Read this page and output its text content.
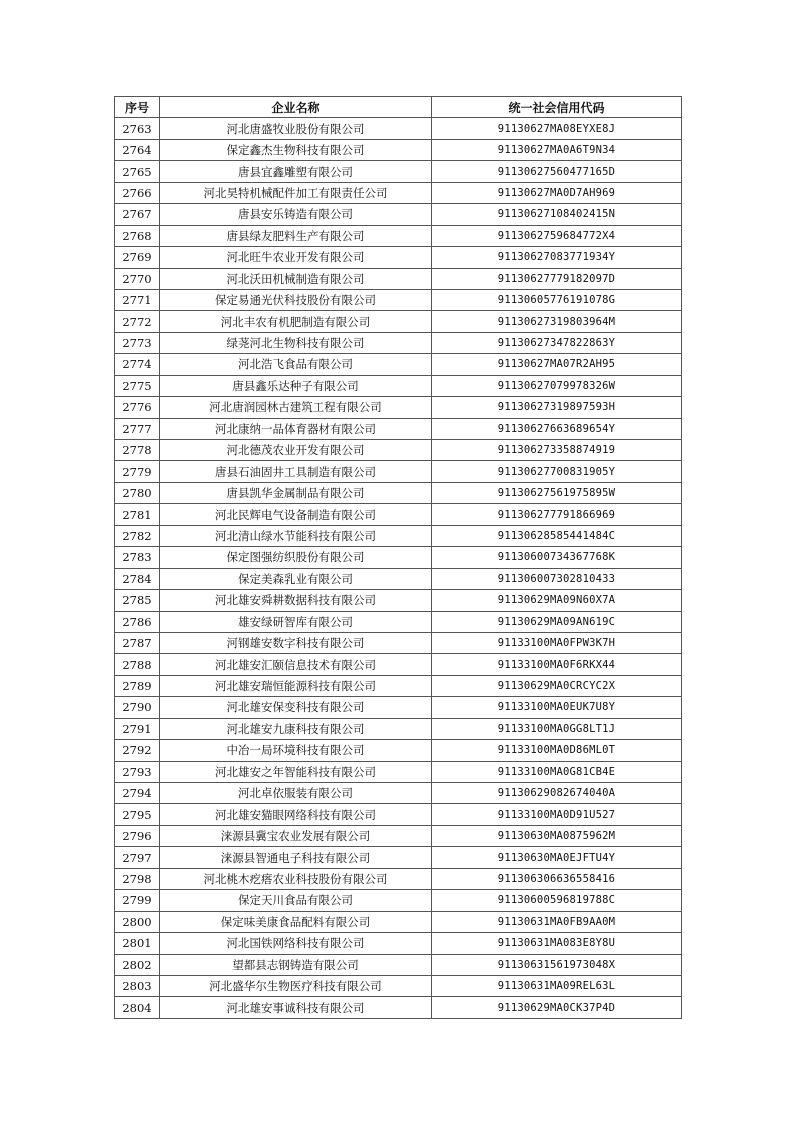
序号	企业名称	统一社会信用代码
2763	河北唐盛牧业股份有限公司	91130627MA08EYXE8J
2764	保定鑫杰生物科技有限公司	91130627MA0A6T9N34
2765	唐县宜鑫雕塑有限公司	91130627560477165D
2766	河北昊特机械配件加工有限责任公司	91130627MA0D7AH969
2767	唐县安乐铸造有限公司	91130627108402415N
2768	唐县绿友肥料生产有限公司	9113062759684772X4
2769	河北旺牛农业开发有限公司	91130627083771934Y
2770	河北沃田机械制造有限公司	91130627779182097D
2771	保定易通光伏科技股份有限公司	91130605776191078G
2772	河北丰农有机肥制造有限公司	91130627319803964M
2773	绿荛河北生物科技有限公司	91130627347822863Y
2774	河北浩飞食品有限公司	91130627MA07R2AH95
2775	唐县鑫乐达种子有限公司	91130627079978326W
2776	河北唐润园林古建筑工程有限公司	91130627319897593H
2777	河北康纳一品体育器材有限公司	91130627663689654Y
2778	河北德茂农业开发有限公司	911306273358874919
2779	唐县石油固井工具制造有限公司	91130627700831905Y
2780	唐县凯华金属制品有限公司	91130627561975895W
2781	河北民辉电气设备制造有限公司	911306277791866969
2782	河北清山绿水节能科技有限公司	91130628585441484C
2783	保定图强纺织股份有限公司	91130600734367768K
2784	保定美森乳业有限公司	911306007302810433
2785	河北雄安舜耕数据科技有限公司	91130629MA09N60X7A
2786	雄安绿研智库有限公司	91130629MA09AN619C
2787	河钢雄安数字科技有限公司	91133100MA0FPW3K7H
2788	河北雄安汇颐信息技术有限公司	91133100MA0F6RKX44
2789	河北雄安瑞恒能源科技有限公司	91130629MA0CRCYC2X
2790	河北雄安保变科技有限公司	91133100MA0EUK7U8Y
2791	河北雄安九康科技有限公司	91133100MA0GG8LT1J
2792	中冶一局环境科技有限公司	91133100MA0D86ML0T
2793	河北雄安之年智能科技有限公司	91133100MA0G81CB4E
2794	河北卓依服装有限公司	91130629082674040A
2795	河北雄安猫眼网络科技有限公司	91133100MA0D91U527
2796	涞源县冀宝农业发展有限公司	91130630MA0875962M
2797	涞源县智通电子科技有限公司	91130630MA0EJFTU4Y
2798	河北桃木疙瘩农业科技股份有限公司	911306306636558416
2799	保定天川食品有限公司	91130600596819788C
2800	保定味美康食品配料有限公司	91130631MA0FB9AA0M
2801	河北国铁网络科技有限公司	91130631MA083E8Y8U
2802	望都县志钢铸造有限公司	91130631561973048X
2803	河北盛华尔生物医疗科技有限公司	91130631MA09REL63L
2804	河北雄安事诚科技有限公司	91130629MA0CK37P4D
